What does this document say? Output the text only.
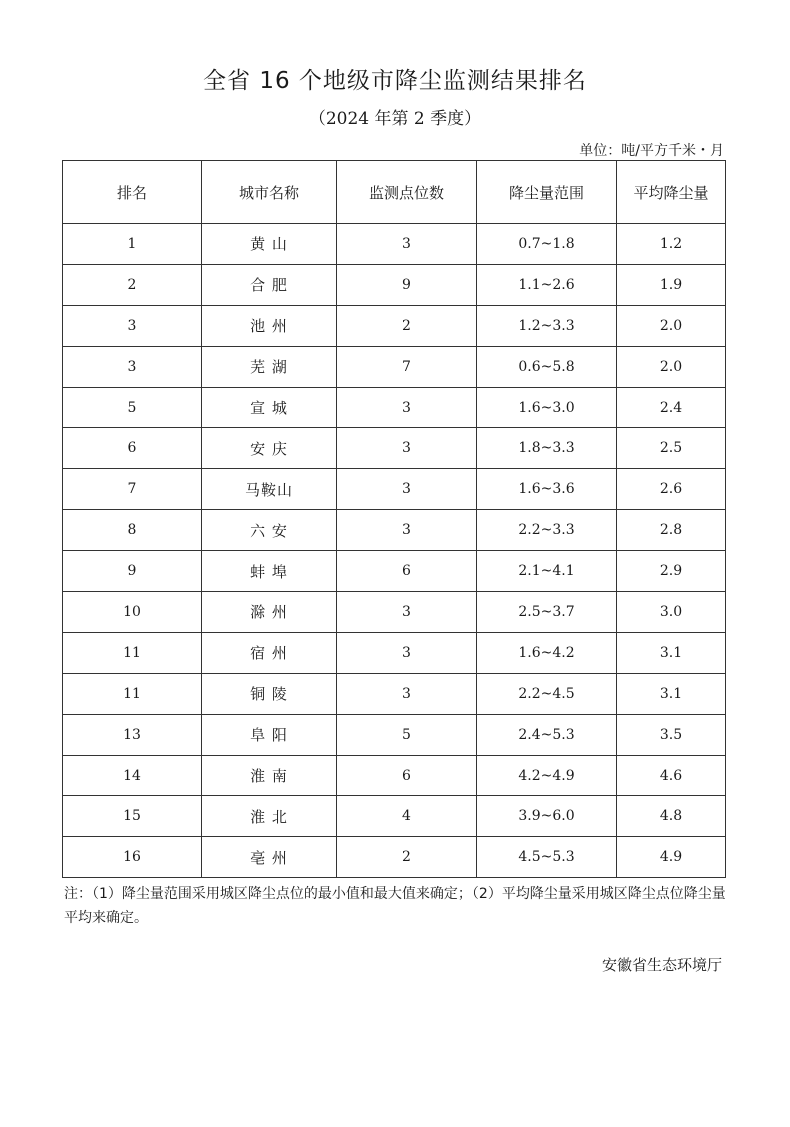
全省 16 个地级市降尘监测结果排名
（2024 年第 2 季度）
单位：吨/平方千米・月
排名	城市名称	监测点位数	降尘量范围	平均降尘量
1	黄 山	3	0.7~1.8	1.2
2	合 肥	9	1.1~2.6	1.9
3	池 州	2	1.2~3.3	2.0
3	芜 湖	7	0.6~5.8	2.0
5	宣 城	3	1.6~3.0	2.4
6	安 庆	3	1.8~3.3	2.5
7	马鞍山	3	1.6~3.6	2.6
8	六 安	3	2.2~3.3	2.8
9	蚌 埠	6	2.1~4.1	2.9
10	滁 州	3	2.5~3.7	3.0
11	宿 州	3	1.6~4.2	3.1
11	铜 陵	3	2.2~4.5	3.1
13	阜 阳	5	2.4~5.3	3.5
14	淮 南	6	4.2~4.9	4.6
15	淮 北	4	3.9~6.0	4.8
16	亳 州	2	4.5~5.3	4.9
注：（1）降尘量范围采用城区降尘点位的最小值和最大值来确定；（2）平均降尘量采用城区降尘点位降尘量平均来确定。
安徽省生态环境厅
